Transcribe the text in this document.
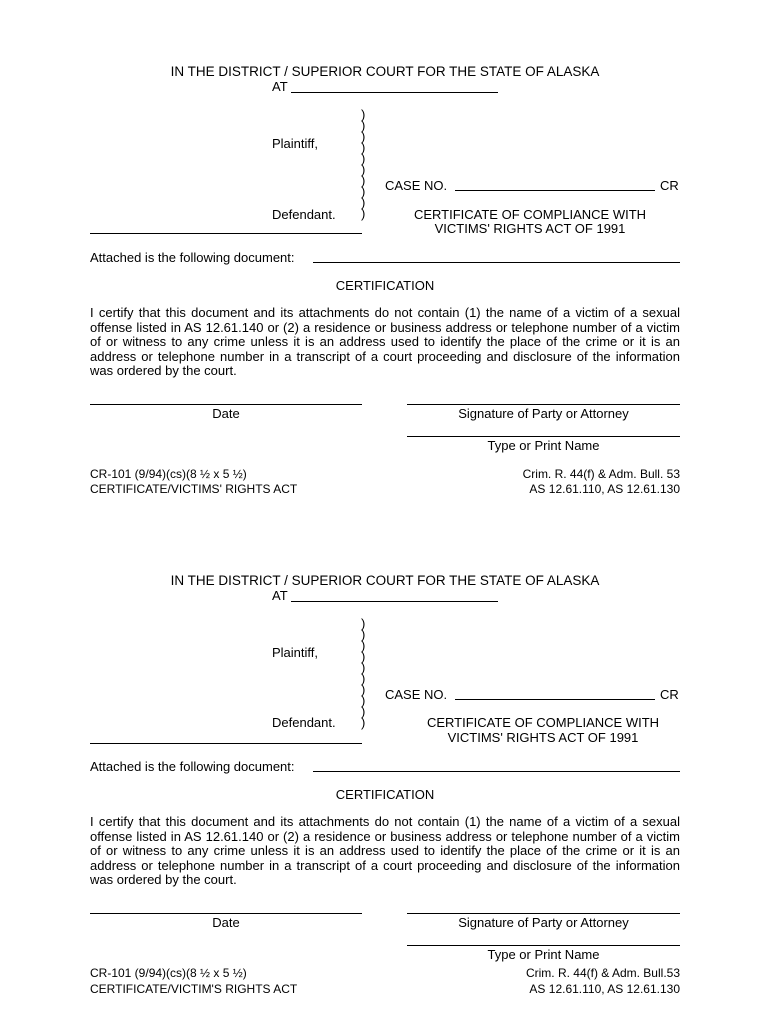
IN THE DISTRICT / SUPERIOR COURT FOR THE STATE OF ALASKA
AT
)
)
)
)
)
)
)
)
)
)
Plaintiff,
Defendant.
CASE NO.	CR
CERTIFICATE OF COMPLIANCE WITH
VICTIMS' RIGHTS ACT OF 1991
Attached is the following document:
CERTIFICATION
I certify that this document and its attachments do not contain (1) the name of a victim of a sexual offense listed in AS 12.61.140 or (2) a residence or business address or telephone number of a victim of or witness to any crime unless it is an address used to identify the place of the crime or it is an address or telephone number in a transcript of a court proceeding and disclosure of the information was ordered by the court.
Date	Signature of Party or Attorney
Type or Print Name
CR-101 (9/94)(cs)(8 ½ x 5 ½)
CERTIFICATE/VICTIMS' RIGHTS ACT
Crim. R. 44(f) & Adm. Bull. 53
AS 12.61.110, AS 12.61.130
IN THE DISTRICT / SUPERIOR COURT FOR THE STATE OF ALASKA
AT
)
)
)
)
)
)
)
)
)
)
Plaintiff,
Defendant.
CASE NO.	CR
CERTIFICATE OF COMPLIANCE WITH
VICTIMS' RIGHTS ACT OF 1991
Attached is the following document:
CERTIFICATION
I certify that this document and its attachments do not contain (1) the name of a victim of a sexual offense listed in AS 12.61.140 or (2) a residence or business address or telephone number of a victim of or witness to any crime unless it is an address used to identify the place of the crime or it is an address or telephone number in a transcript of a court proceeding and disclosure of the information was ordered by the court.
Date	Signature of Party or Attorney
Type or Print Name
CR-101 (9/94)(cs)(8 ½ x 5 ½)
CERTIFICATE/VICTIM'S RIGHTS ACT
Crim. R. 44(f) & Adm. Bull.53
AS 12.61.110, AS 12.61.130
